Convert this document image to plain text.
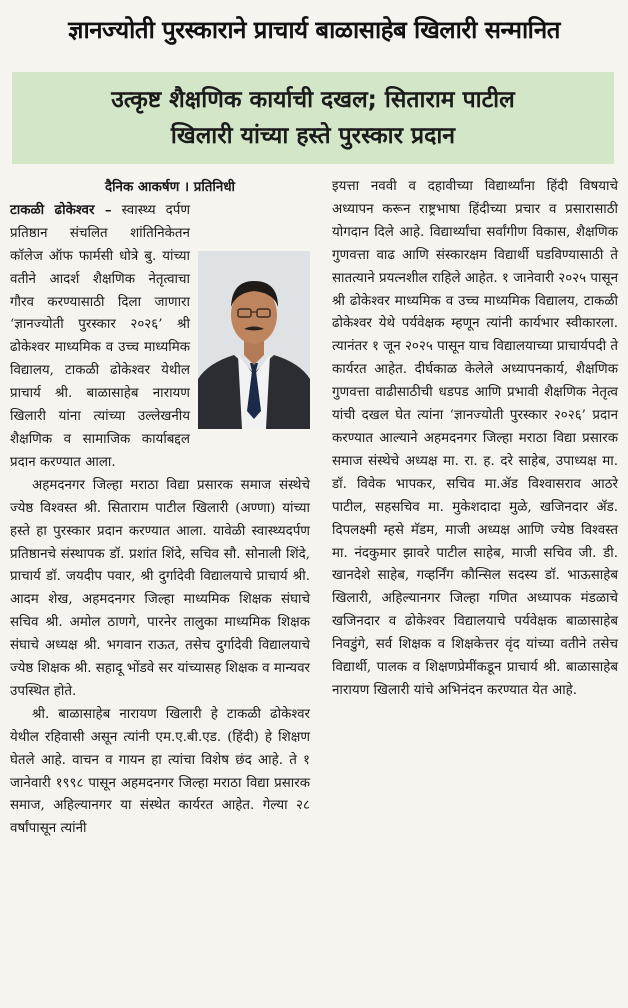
ज्ञानज्योती पुरस्काराने प्राचार्य बाळासाहेब खिलारी सन्मानित
उत्कृष्ट शैक्षणिक कार्याची दखल; सिताराम पाटील
खिलारी यांच्या हस्ते पुरस्कार प्रदान

दैनिक आकर्षण । प्रतिनिधी

टाकळी ढोकेश्वर – स्वास्थ्य दर्पण प्रतिष्ठान संचलित शांतिनिकेतन कॉलेज ऑफ फार्मसी धोत्रे बु. यांच्या वतीने आदर्श शैक्षणिक नेतृत्वाचा गौरव करण्यासाठी दिला जाणारा ‘ज्ञानज्योती पुरस्कार २०२६’ श्री ढोकेश्वर माध्यमिक व उच्च माध्यमिक विद्यालय, टाकळी ढोकेश्वर येथील प्राचार्य श्री. बाळासाहेब नारायण खिलारी यांना त्यांच्या उल्लेखनीय शैक्षणिक व सामाजिक कार्याबद्दल प्रदान करण्यात आला.

अहमदनगर जिल्हा मराठा विद्या प्रसारक समाज संस्थेचे ज्येष्ठ विश्वस्त श्री. सिताराम पाटील खिलारी (अण्णा) यांच्या हस्ते हा पुरस्कार प्रदान करण्यात आला. यावेळी स्वास्थ्यदर्पण प्रतिष्ठानचे संस्थापक डॉ. प्रशांत शिंदे, सचिव सौ. सोनाली शिंदे, प्राचार्य डॉ. जयदीप पवार, श्री दुर्गादेवी विद्यालयाचे प्राचार्य श्री. आदम शेख, अहमदनगर जिल्हा माध्यमिक शिक्षक संघाचे सचिव श्री. अमोल ठाणगे, पारनेर तालुका माध्यमिक शिक्षक संघाचे अध्यक्ष श्री. भगवान राऊत, तसेच दुर्गादेवी विद्यालयाचे ज्येष्ठ शिक्षक श्री. सहादू भोंडवे सर यांच्यासह शिक्षक व मान्यवर उपस्थित होते.

श्री. बाळासाहेब नारायण खिलारी हे टाकळी ढोकेश्वर येथील रहिवासी असून त्यांनी एम.ए.बी.एड. (हिंदी) हे शिक्षण घेतले आहे. वाचन व गायन हा त्यांचा विशेष छंद आहे. ते १ जानेवारी १९९८ पासून अहमदनगर जिल्हा मराठा विद्या प्रसारक समाज, अहिल्यानगर या संस्थेत कार्यरत आहेत. गेल्या २८ वर्षांपासून त्यांनी

इयत्ता नववी व दहावीच्या विद्यार्थ्यांना हिंदी विषयाचे अध्यापन करून राष्ट्रभाषा हिंदीच्या प्रचार व प्रसारासाठी योगदान दिले आहे. विद्यार्थ्यांचा सर्वांगीण विकास, शैक्षणिक गुणवत्ता वाढ आणि संस्कारक्षम विद्यार्थी घडविण्यासाठी ते सातत्याने प्रयत्नशील राहिले आहेत. १ जानेवारी २०२५ पासून श्री ढोकेश्वर माध्यमिक व उच्च माध्यमिक विद्यालय, टाकळी ढोकेश्वर येथे पर्यवेक्षक म्हणून त्यांनी कार्यभार स्वीकारला. त्यानंतर १ जून २०२५ पासून याच विद्यालयाच्या प्राचार्यपदी ते कार्यरत आहेत. दीर्घकाळ केलेले अध्यापनकार्य, शैक्षणिक गुणवत्ता वाढीसाठीची धडपड आणि प्रभावी शैक्षणिक नेतृत्व यांची दखल घेत त्यांना ‘ज्ञानज्योती पुरस्कार २०२६’ प्रदान करण्यात आल्याने अहमदनगर जिल्हा मराठा विद्या प्रसारक समाज संस्थेचे अध्यक्ष मा. रा. ह. दरे साहेब, उपाध्यक्ष मा. डॉ. विवेक भापकर, सचिव मा.ॲड विश्वासराव आठरे पाटील, सहसचिव मा. मुकेशदादा मुळे, खजिनदार ॲड. दिपलक्ष्मी म्हसे मॅडम, माजी अध्यक्ष आणि ज्येष्ठ विश्वस्त मा. नंदकुमार झावरे पाटील साहेब, माजी सचिव जी. डी. खानदेशे साहेब, गव्हर्निंग कौन्सिल सदस्य डॉ. भाऊसाहेब खिलारी, अहिल्यानगर जिल्हा गणित अध्यापक मंडळाचे खजिनदार व ढोकेश्वर विद्यालयाचे पर्यवेक्षक बाळासाहेब निवडुंगे, सर्व शिक्षक व शिक्षकेत्तर वृंद यांच्या वतीने तसेच विद्यार्थी, पालक व शिक्षणप्रेमींकडून प्राचार्य श्री. बाळासाहेब नारायण खिलारी यांचे अभिनंदन करण्यात येत आहे.
